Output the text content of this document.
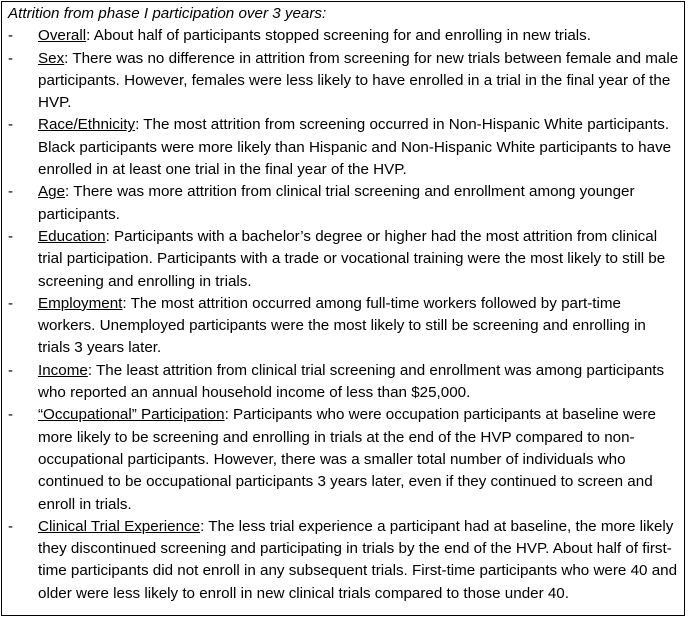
Attrition from phase I participation over 3 years:

- Overall: About half of participants stopped screening for and enrolling in new trials.

- Sex: There was no difference in attrition from screening for new trials between female and male participants. However, females were less likely to have enrolled in a trial in the final year of the HVP.

- Race/Ethnicity: The most attrition from screening occurred in Non-Hispanic White participants. Black participants were more likely than Hispanic and Non-Hispanic White participants to have enrolled in at least one trial in the final year of the HVP.

- Age: There was more attrition from clinical trial screening and enrollment among younger participants.

- Education: Participants with a bachelor’s degree or higher had the most attrition from clinical trial participation. Participants with a trade or vocational training were the most likely to still be screening and enrolling in trials.

- Employment: The most attrition occurred among full-time workers followed by part-time workers. Unemployed participants were the most likely to still be screening and enrolling in trials 3 years later.

- Income: The least attrition from clinical trial screening and enrollment was among participants who reported an annual household income of less than $25,000.

- “Occupational” Participation: Participants who were occupation participants at baseline were more likely to be screening and enrolling in trials at the end of the HVP compared to non-occupational participants. However, there was a smaller total number of individuals who continued to be occupational participants 3 years later, even if they continued to screen and enroll in trials.

- Clinical Trial Experience: The less trial experience a participant had at baseline, the more likely they discontinued screening and participating in trials by the end of the HVP. About half of first-time participants did not enroll in any subsequent trials. First-time participants who were 40 and older were less likely to enroll in new clinical trials compared to those under 40.
